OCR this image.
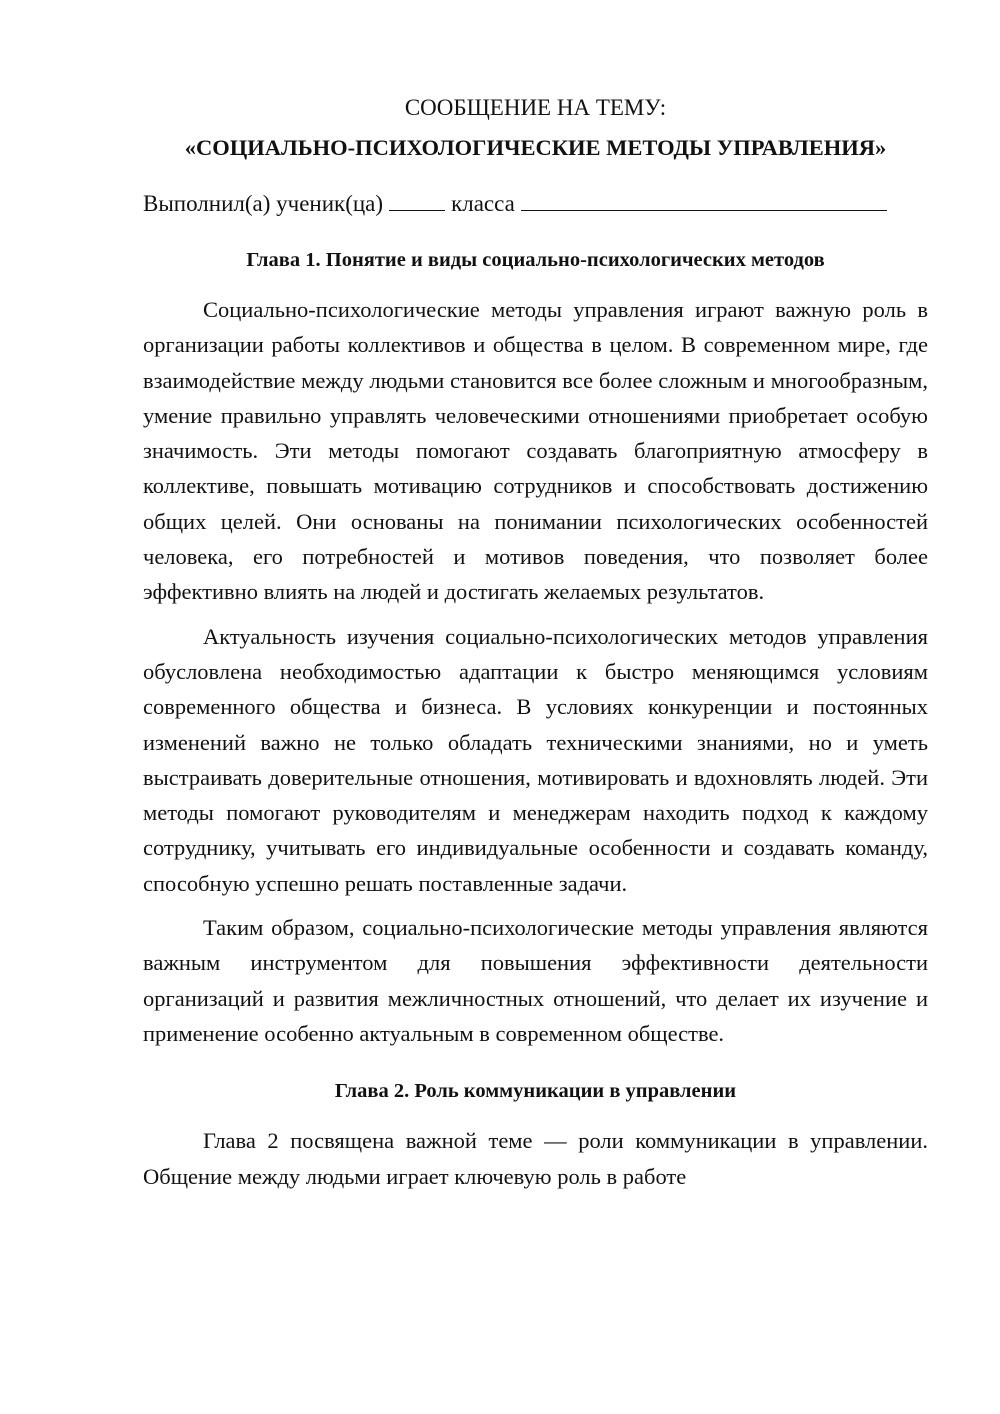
СООБЩЕНИЕ НА ТЕМУ:

«СОЦИАЛЬНО-ПСИХОЛОГИЧЕСКИЕ МЕТОДЫ УПРАВЛЕНИЯ»

Выполнил(а) ученик(ца)	класса

Глава 1. Понятие и виды социально-психологических методов

Социально-психологические методы управления играют важную роль в организации работы коллективов и общества в целом. В современном мире, где взаимодействие между людьми становится все более сложным и многообразным, умение правильно управлять человеческими отношениями приобретает особую значимость. Эти методы помогают создавать благоприятную атмосферу в коллективе, повышать мотивацию сотрудников и способствовать достижению общих целей. Они основаны на понимании психологических особенностей человека, его потребностей и мотивов поведения, что позволяет более эффективно влиять на людей и достигать желаемых результатов.

Актуальность изучения социально-психологических методов управления обусловлена необходимостью адаптации к быстро меняющимся условиям современного общества и бизнеса. В условиях конкуренции и постоянных изменений важно не только обладать техническими знаниями, но и уметь выстраивать доверительные отношения, мотивировать и вдохновлять людей. Эти методы помогают руководителям и менеджерам находить подход к каждому сотруднику, учитывать его индивидуальные особенности и создавать команду, способную успешно решать поставленные задачи.

Таким образом, социально-психологические методы управления являются важным инструментом для повышения эффективности деятельности организаций и развития межличностных отношений, что делает их изучение и применение особенно актуальным в современном обществе.

Глава 2. Роль коммуникации в управлении

Глава 2 посвящена важной теме — роли коммуникации в управлении. Общение между людьми играет ключевую роль в работе
